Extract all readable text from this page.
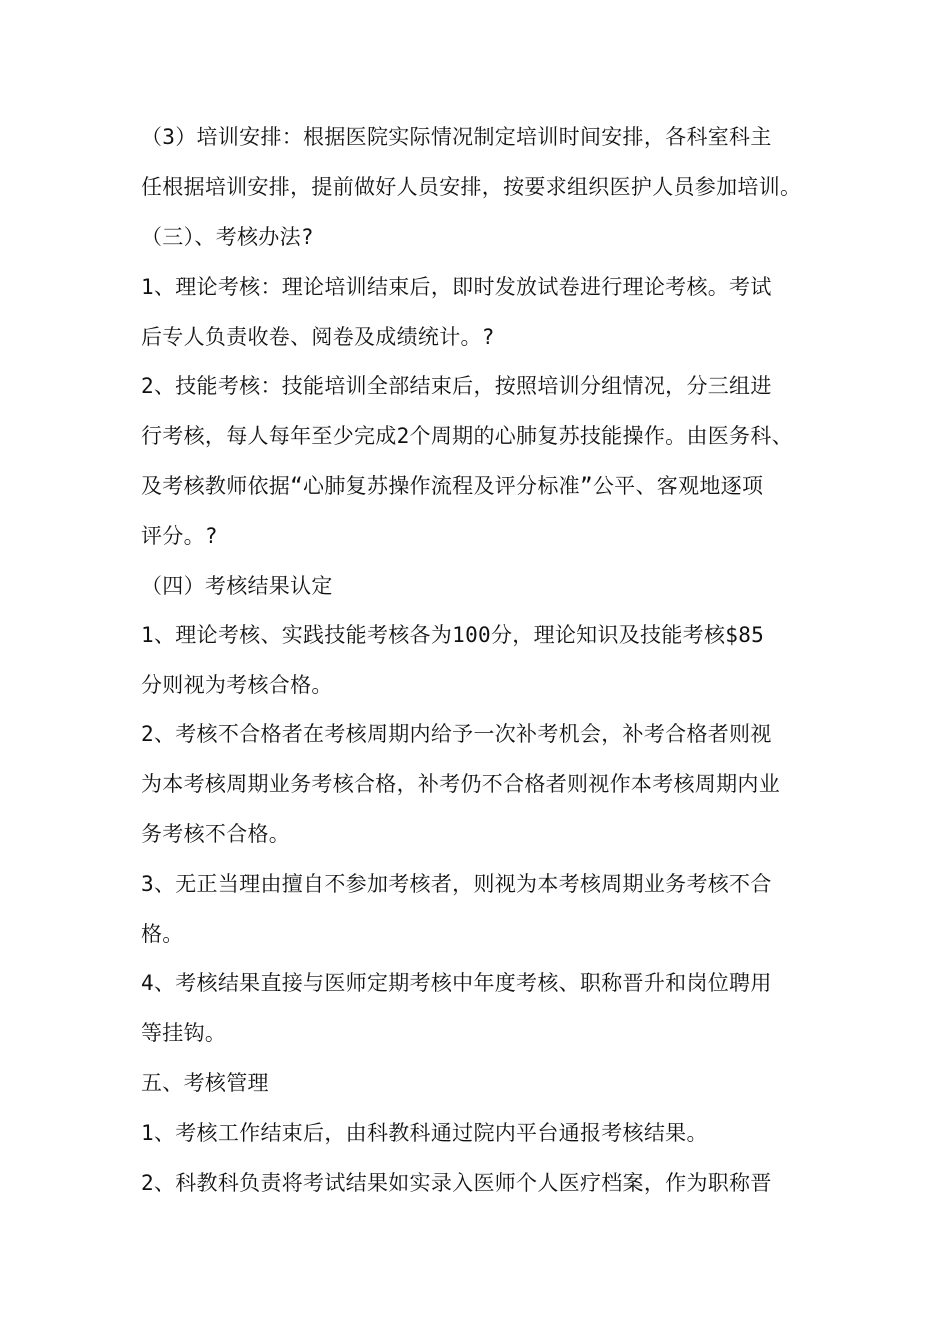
（3）培训安排：根据医院实际情况制定培训时间安排，各科室科主
任根据培训安排，提前做好人员安排，按要求组织医护人员参加培训。
（三）、考核办法?
1、理论考核：理论培训结束后，即时发放试卷进行理论考核。考试
后专人负责收卷、阅卷及成绩统计。?
2、技能考核：技能培训全部结束后，按照培训分组情况，分三组进
行考核，每人每年至少完成2个周期的心肺复苏技能操作。由医务科、
及考核教师依据“心肺复苏操作流程及评分标准”公平、客观地逐项
评分。?
（四）考核结果认定
1、理论考核、实践技能考核各为100分，理论知识及技能考核$85
分则视为考核合格。
2、考核不合格者在考核周期内给予一次补考机会，补考合格者则视
为本考核周期业务考核合格，补考仍不合格者则视作本考核周期内业
务考核不合格。
3、无正当理由擅自不参加考核者，则视为本考核周期业务考核不合
格。
4、考核结果直接与医师定期考核中年度考核、职称晋升和岗位聘用
等挂钩。
五、考核管理
1、考核工作结束后，由科教科通过院内平台通报考核结果。
2、科教科负责将考试结果如实录入医师个人医疗档案，作为职称晋
